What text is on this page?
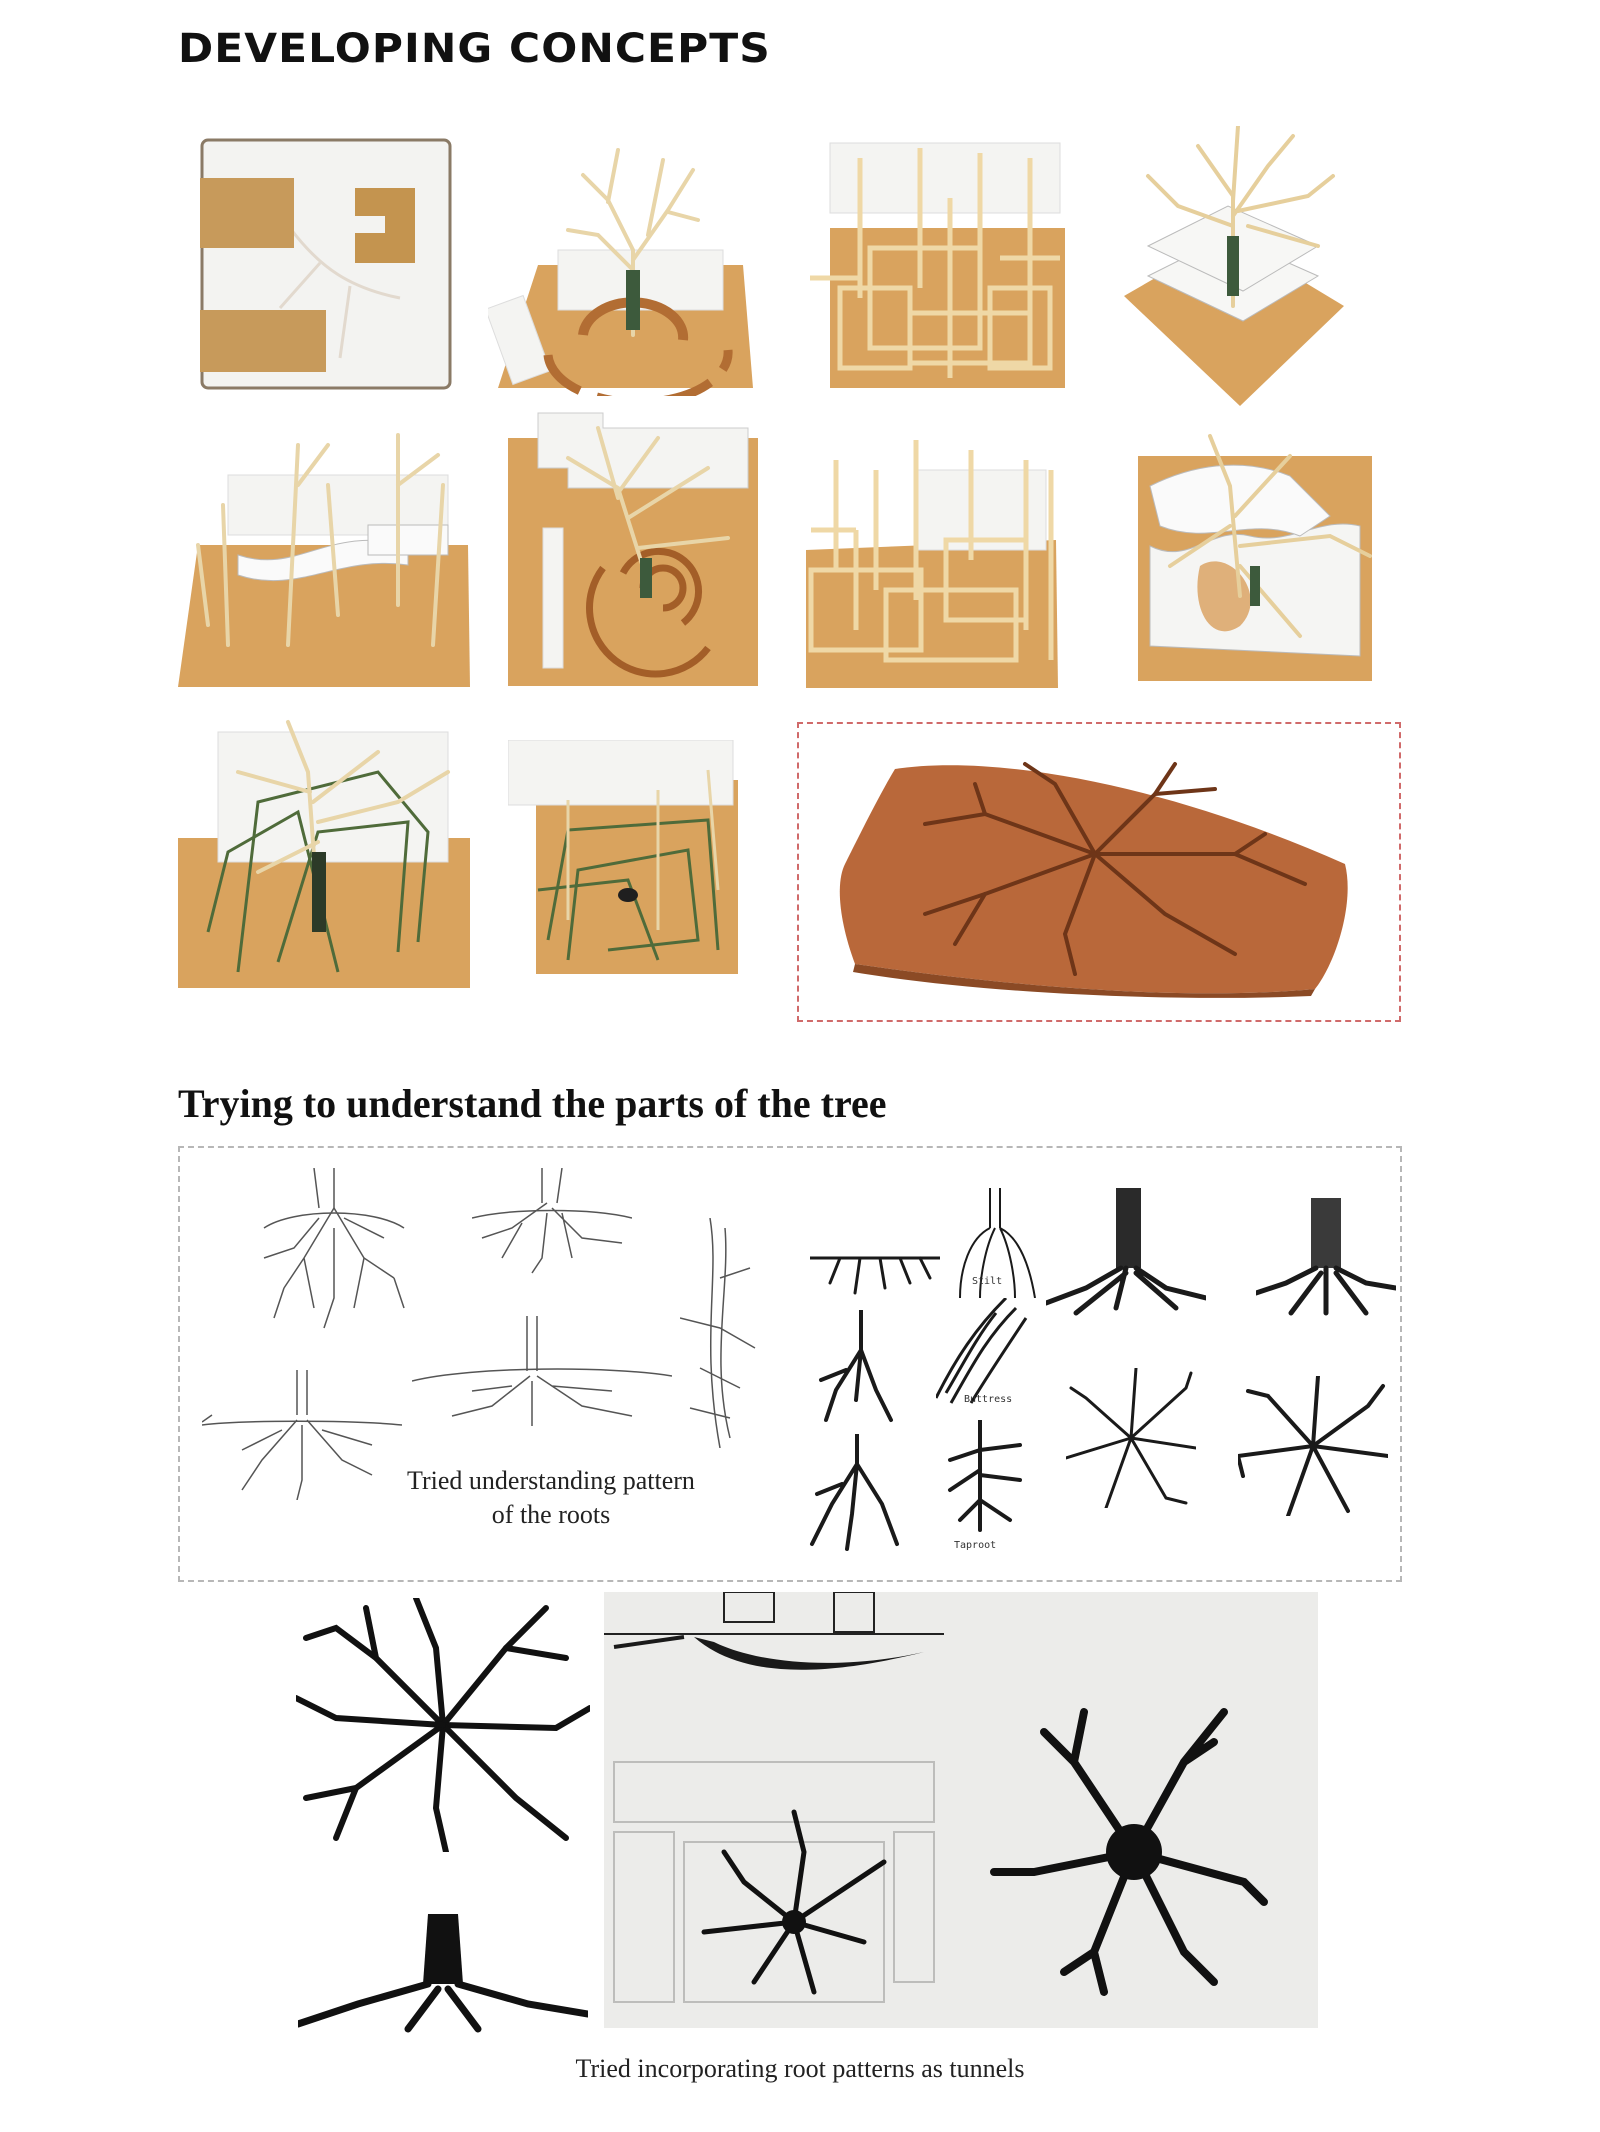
DEVELOPING CONCEPTS
Trying to understand the parts of the tree
Tried understanding pattern
of the roots
Stilt
Buttress
Taproot
Tried incorporating root patterns as tunnels
